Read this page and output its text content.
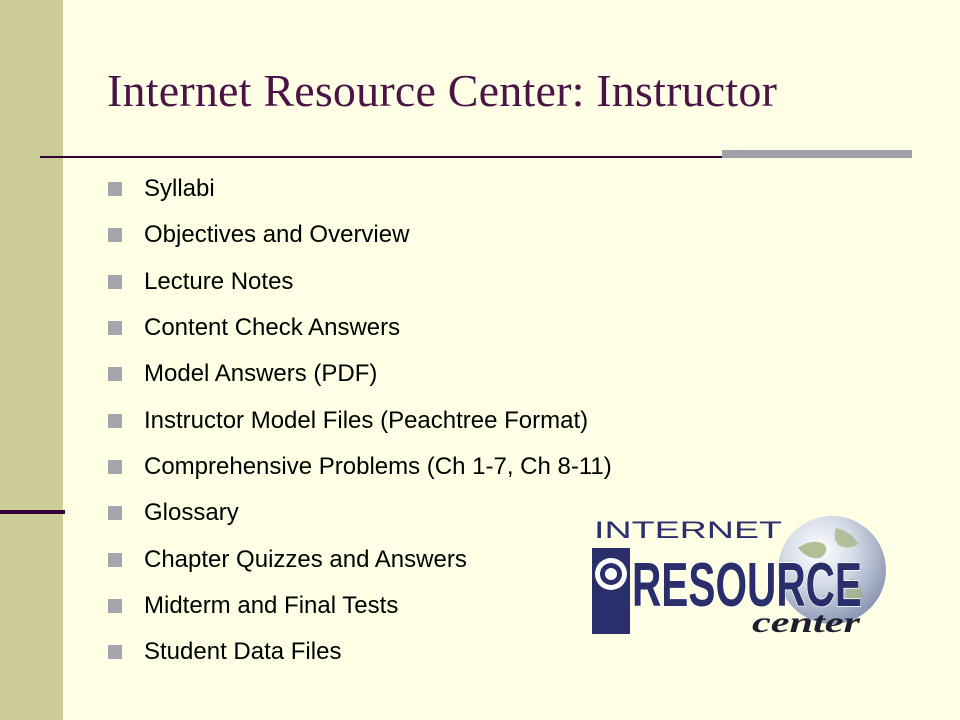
Internet Resource Center: Instructor
Syllabi
Objectives and Overview
Lecture Notes
Content Check Answers
Model Answers (PDF)
Instructor Model Files (Peachtree Format)
Comprehensive Problems (Ch 1-7, Ch 8-11)
Glossary
Chapter Quizzes and Answers
Midterm and Final Tests
Student Data Files
INTERNET
RESOURCE
center
